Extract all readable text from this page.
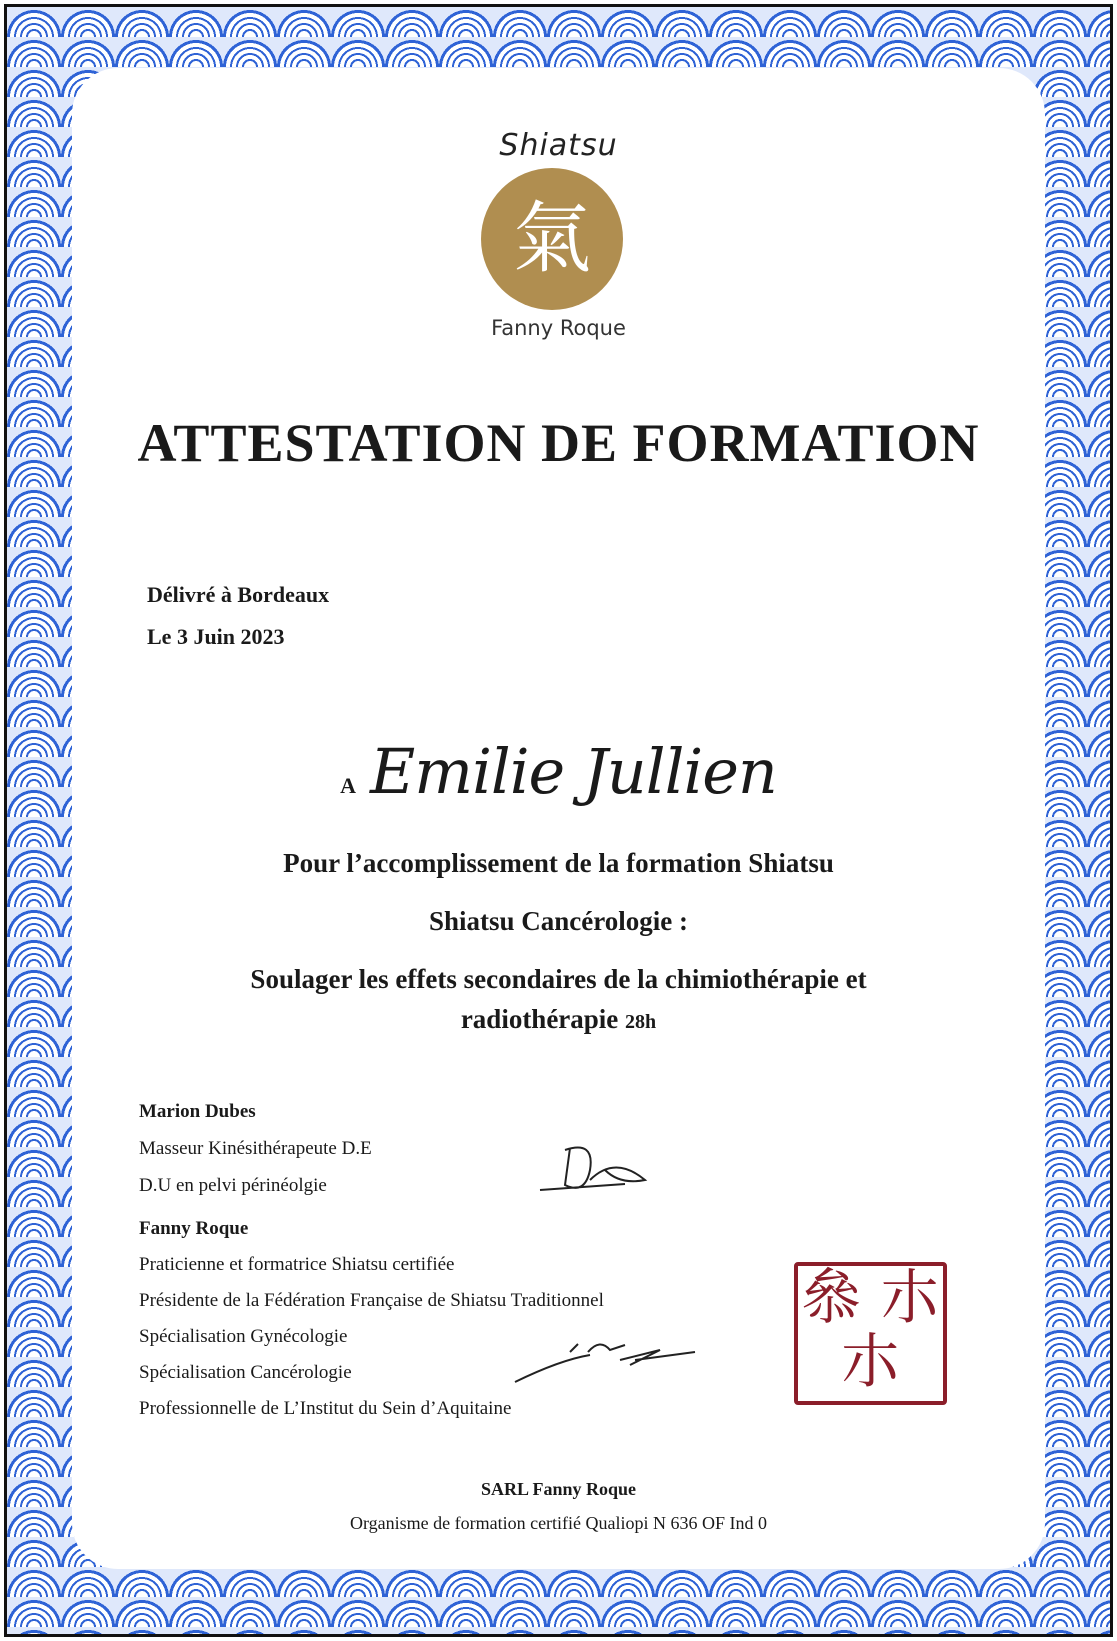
Shiatsu
氣
Fanny Roque
ATTESTATION DE FORMATION
Délivré à Bordeaux
Le 3 Juin 2023
A Emilie Jullien
Pour l’accomplissement de la formation Shiatsu
Shiatsu Cancérologie :
Soulager les effets secondaires de la chimiothérapie et
radiothérapie 28h
Marion Dubes
Masseur Kinésithérapeute D.E
D.U en pelvi périnéolgie
Fanny Roque
Praticienne et formatrice Shiatsu certifiée
Présidente de la Fédération Française de Shiatsu Traditionnel
Spécialisation Gynécologie
Spécialisation Cancérologie
Professionnelle de L’Institut du Sein d’Aquitaine
叅 朩朩
SARL Fanny Roque
Organisme de formation certifié Qualiopi N 636 OF Ind 0
